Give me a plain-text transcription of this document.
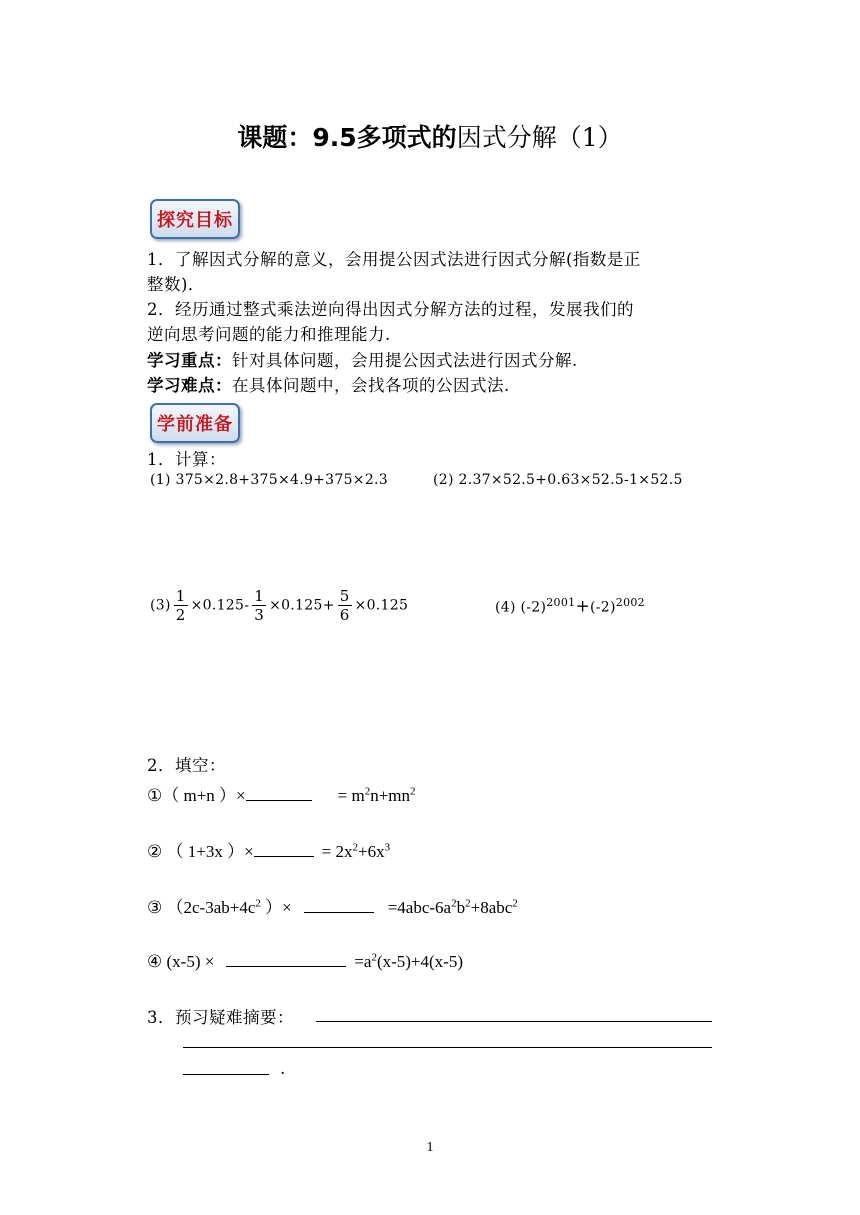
课题：9.5多项式的因式分解（1）
探究目标
1．了解因式分解的意义，会用提公因式法进行因式分解(指数是正
整数)．
2．经历通过整式乘法逆向得出因式分解方法的过程，发展我们的
逆向思考问题的能力和推理能力.
学习重点：针对具体问题，会用提公因式法进行因式分解.
学习难点：在具体问题中，会找各项的公因式法.
学前准备
1．计算：
(1) 375×2.8+375×4.9+375×2.3	(2) 2.37×52.5+0.63×52.5-1×52.5
$(3) \frac{1}{2} \times 0.125- \frac{1}{3} \times 0.125+ \frac{5}{6} \times 0.125$	(4) $(-2)^{2001}+(-2)^{2002}$
2．填空：
①（ m+n ）×	= $m^2n+mn^2$
② （ 1+3x ）×	= $2x^2+6x^3$
③ （$2c-3ab+4c^2$ ）×	$=4abc-6a^2b^2+8abc^2$
④ (x-5) ×	$=a^2(x-5)+4(x-5)$
3．预习疑难摘要：
.
1
